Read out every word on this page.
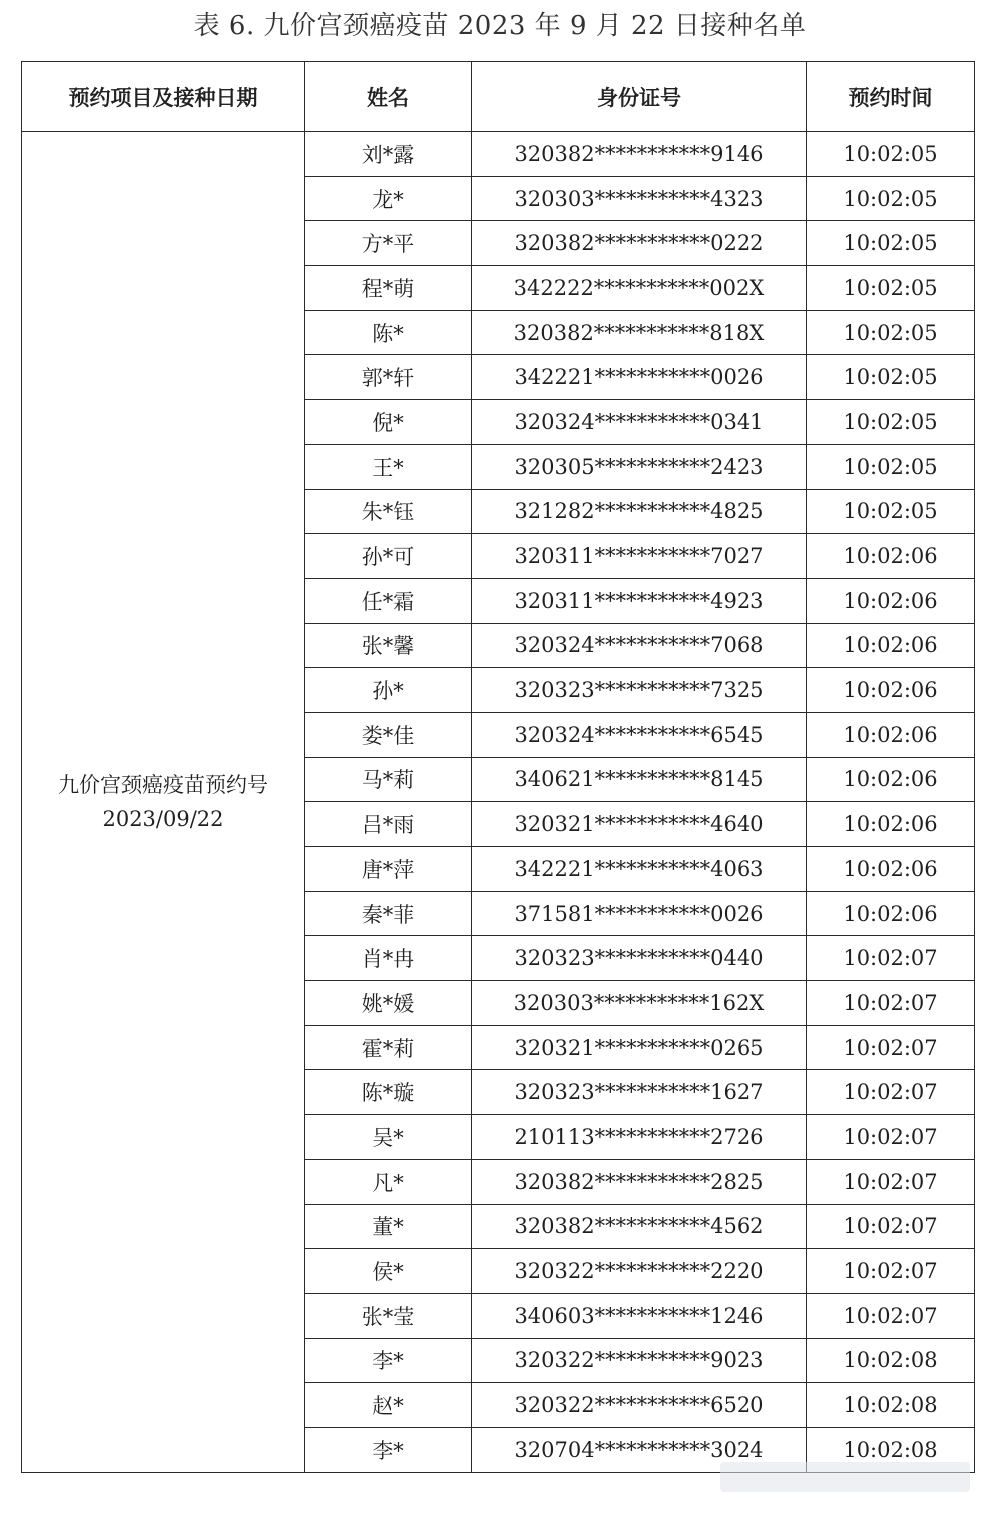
表 6. 九价宫颈癌疫苗 2023 年 9 月 22 日接种名单
预约项目及接种日期	姓名	身份证号	预约时间

九价宫颈癌疫苗预约号
2023/09/22	刘*露	320382***********9146	10:02:05
	龙*	320303***********4323	10:02:05
	方*平	320382***********0222	10:02:05
	程*萌	342222***********002X	10:02:05
	陈*	320382***********818X	10:02:05
	郭*轩	342221***********0026	10:02:05
	倪*	320324***********0341	10:02:05
	王*	320305***********2423	10:02:05
	朱*钰	321282***********4825	10:02:05
	孙*可	320311***********7027	10:02:06
	任*霜	320311***********4923	10:02:06
	张*馨	320324***********7068	10:02:06
	孙*	320323***********7325	10:02:06
	娄*佳	320324***********6545	10:02:06
	马*莉	340621***********8145	10:02:06
	吕*雨	320321***********4640	10:02:06
	唐*萍	342221***********4063	10:02:06
	秦*菲	371581***********0026	10:02:06
	肖*冉	320323***********0440	10:02:07
	姚*媛	320303***********162X	10:02:07
	霍*莉	320321***********0265	10:02:07
	陈*璇	320323***********1627	10:02:07
	吴*	210113***********2726	10:02:07
	凡*	320382***********2825	10:02:07
	董*	320382***********4562	10:02:07
	侯*	320322***********2220	10:02:07
	张*莹	340603***********1246	10:02:07
	李*	320322***********9023	10:02:08
	赵*	320322***********6520	10:02:08
	李*	320704***********3024	10:02:08
